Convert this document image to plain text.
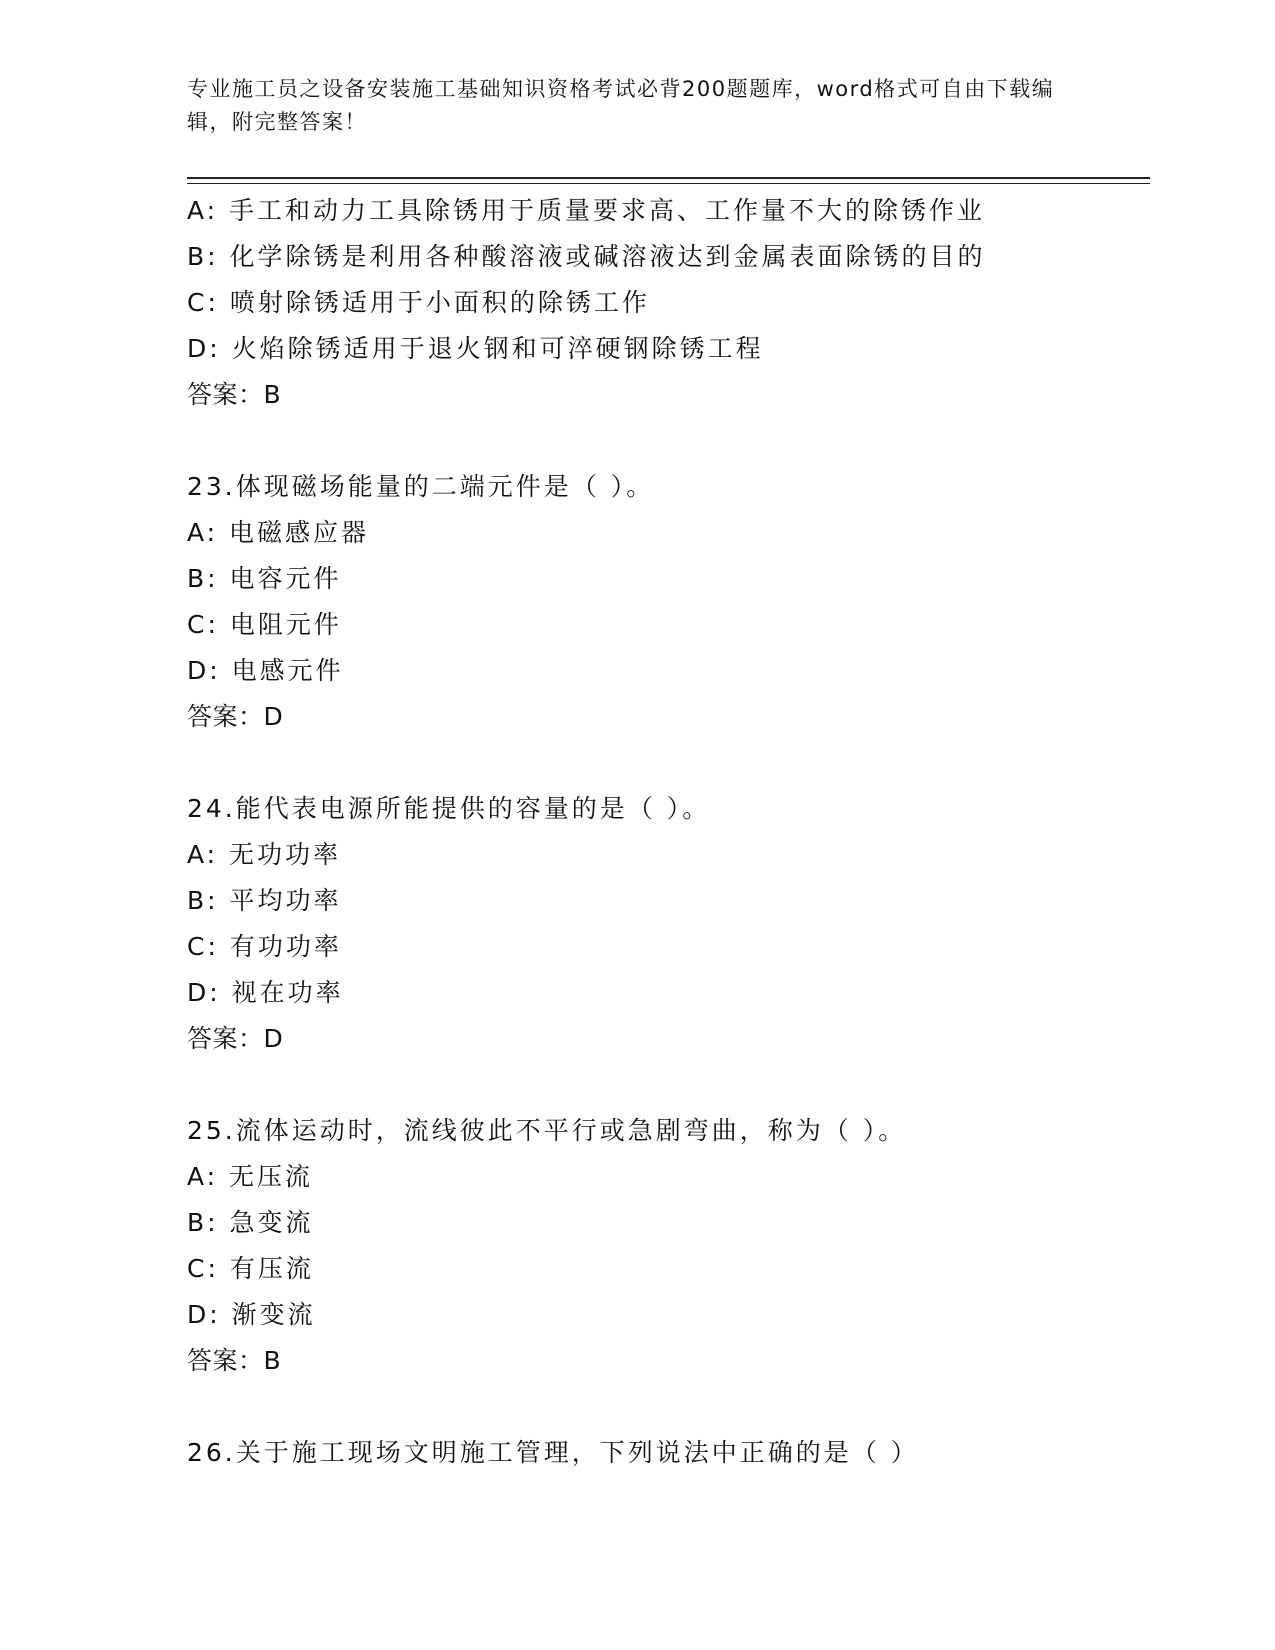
专业施工员之设备安装施工基础知识资格考试必背200题题库，word格式可自由下载编辑，附完整答案！

A: 手工和动力工具除锈用于质量要求高、工作量不大的除锈作业
B: 化学除锈是利用各种酸溶液或碱溶液达到金属表面除锈的目的
C: 喷射除锈适用于小面积的除锈工作
D: 火焰除锈适用于退火钢和可淬硬钢除锈工程
答案：B
23.体现磁场能量的二端元件是（ ）。
A: 电磁感应器
B: 电容元件
C: 电阻元件
D: 电感元件
答案：D
24.能代表电源所能提供的容量的是（ ）。
A: 无功功率
B: 平均功率
C: 有功功率
D: 视在功率
答案：D
25.流体运动时，流线彼此不平行或急剧弯曲，称为（ ）。
A: 无压流
B: 急变流
C: 有压流
D: 渐变流
答案：B
26.关于施工现场文明施工管理，下列说法中正确的是（ ）
